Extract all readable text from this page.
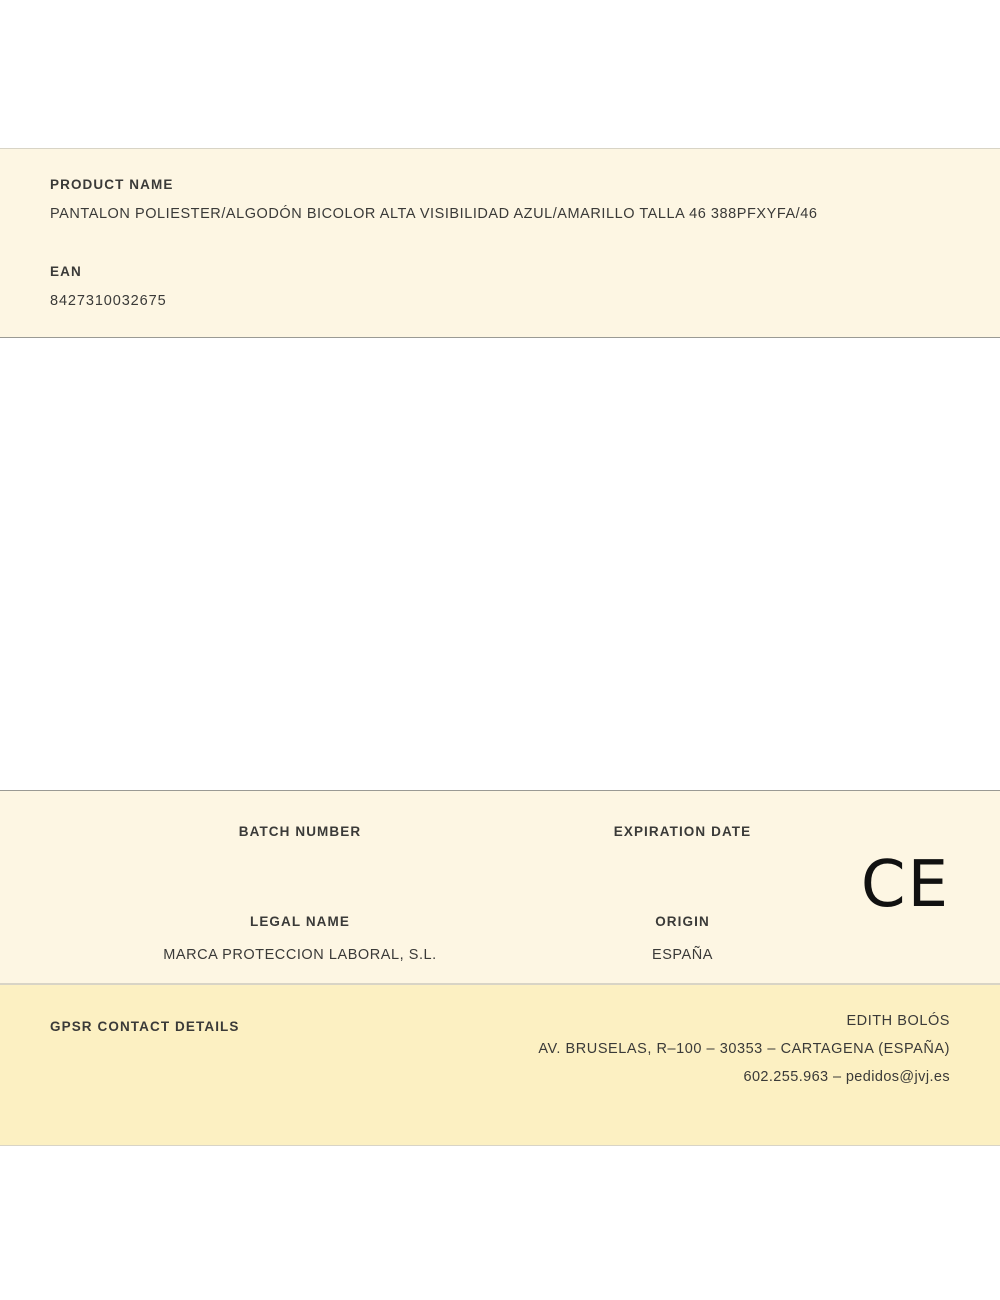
PRODUCT NAME

PANTALON POLIESTER/ALGODÓN BICOLOR ALTA VISIBILIDAD AZUL/AMARILLO TALLA 46 388PFXYFA/46

EAN

8427310032675

BATCH NUMBER	EXPIRATION DATE

LEGAL NAME

MARCA PROTECCION LABORAL, S.L.

ORIGIN

ESPAÑA

CE
GPSR CONTACT DETAILS	EDITH BOLÓS

AV. BRUSELAS, R–100 – 30353 – CARTAGENA (ESPAÑA)

602.255.963 – pedidos@jvj.es
